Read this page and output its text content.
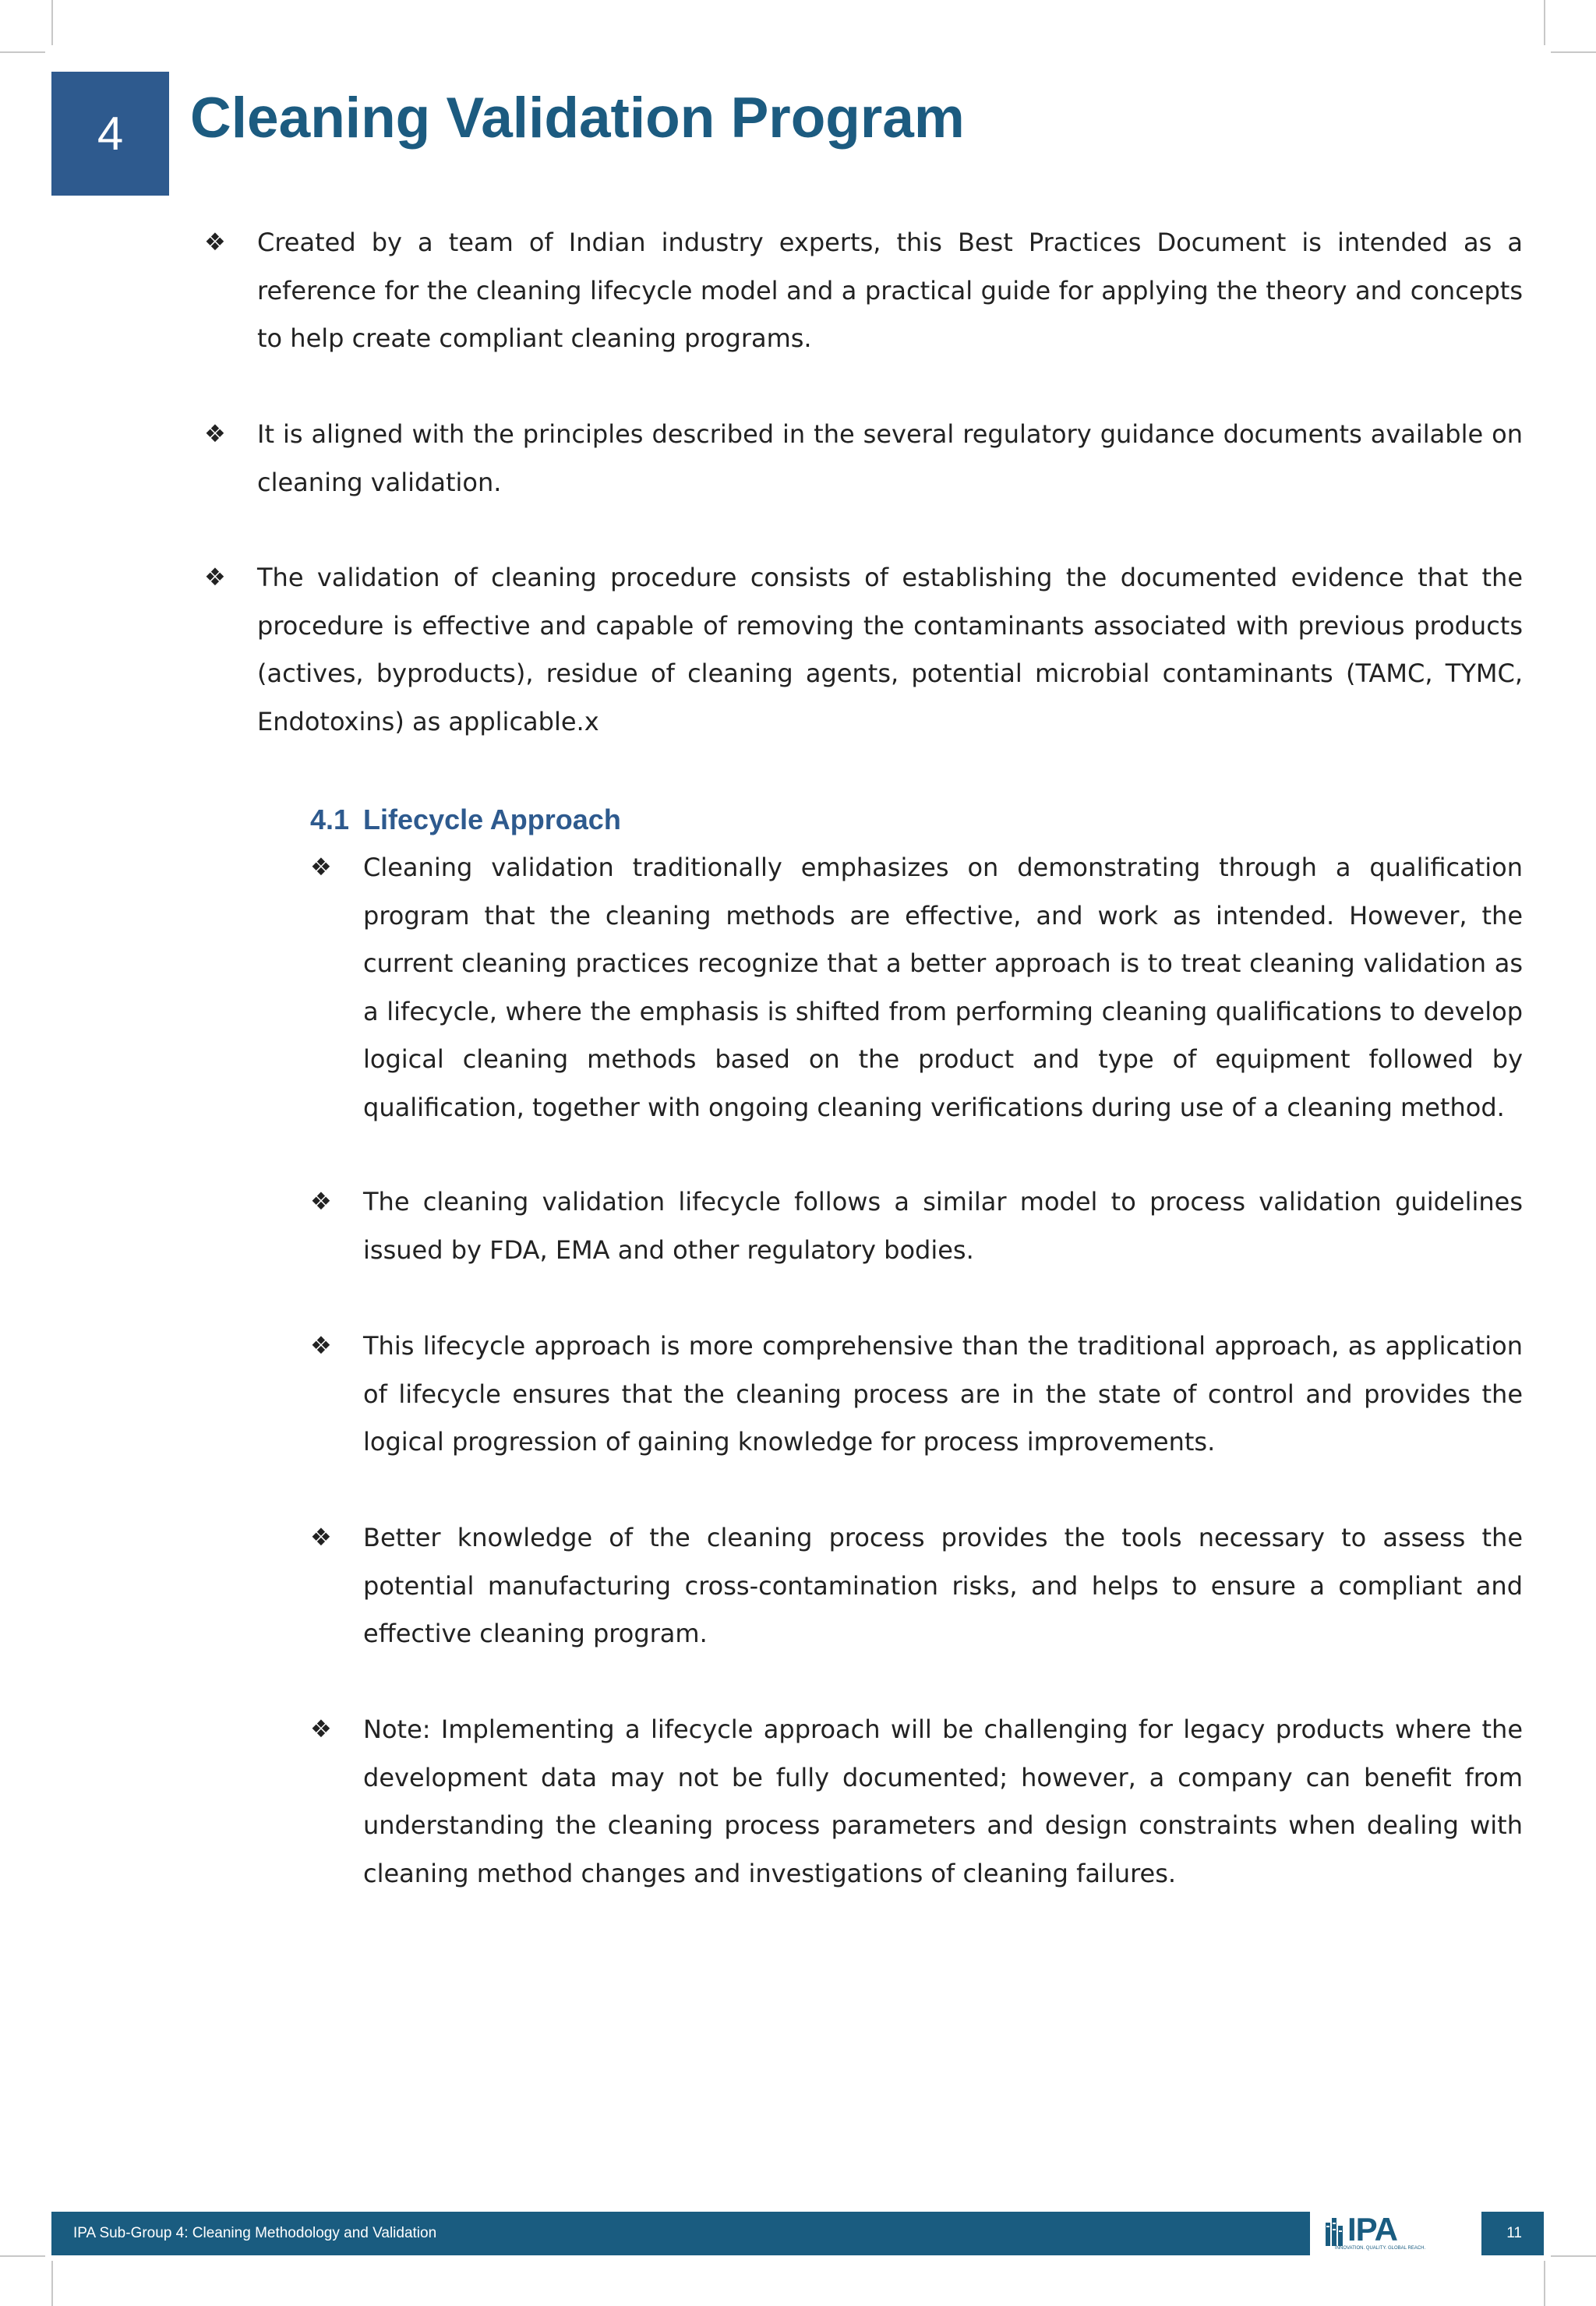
4 Cleaning Validation Program
❖	Created by a team of Indian industry experts, this Best Practices Document is intended as a reference for the cleaning lifecycle model and a practical guide for applying the theory and concepts to help create compliant cleaning programs.

❖	It is aligned with the principles described in the several regulatory guidance documents available on cleaning validation.

❖	The validation of cleaning procedure consists of establishing the documented evidence that the procedure is effective and capable of removing the contaminants associated with previous products (actives, byproducts), residue of cleaning agents, potential microbial contaminants (TAMC, TYMC, Endotoxins) as applicable.x

4.1 Lifecycle Approach
❖	Cleaning validation traditionally emphasizes on demonstrating through a qualification program that the cleaning methods are effective, and work as intended. However, the current cleaning practices recognize that a better approach is to treat cleaning validation as a lifecycle, where the emphasis is shifted from performing cleaning qualifications to develop logical cleaning methods based on the product and type of equipment followed by qualification, together with ongoing cleaning verifications during use of a cleaning method.

❖	The cleaning validation lifecycle follows a similar model to process validation guidelines issued by FDA, EMA and other regulatory bodies.

❖	This lifecycle approach is more comprehensive than the traditional approach, as application of lifecycle ensures that the cleaning process are in the state of control and provides the logical progression of gaining knowledge for process improvements.

❖	Better knowledge of the cleaning process provides the tools necessary to assess the potential manufacturing cross-contamination risks, and helps to ensure a compliant and effective cleaning program.

❖	Note: Implementing a lifecycle approach will be challenging for legacy products where the development data may not be fully documented; however, a company can benefit from understanding the cleaning process parameters and design constraints when dealing with cleaning method changes and investigations of cleaning failures.

IPA Sub-Group 4: Cleaning Methodology and Validation	IPA
INNOVATION. QUALITY. GLOBAL REACH.
11
